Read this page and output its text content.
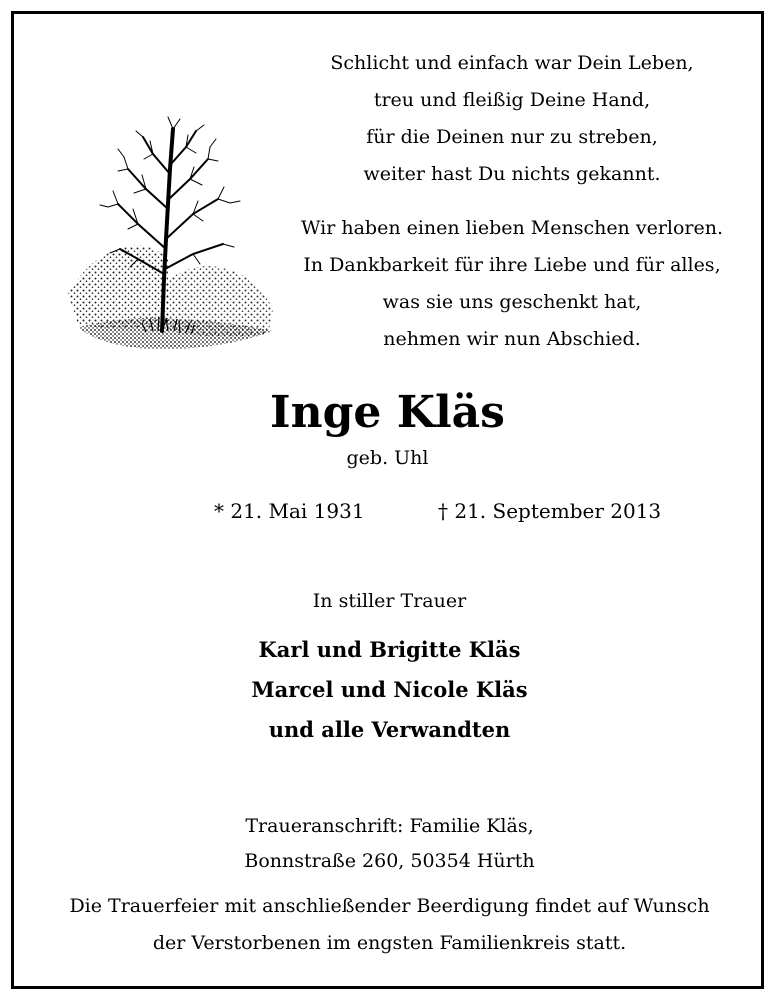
Schlicht und einfach war Dein Leben,
treu und fleißig Deine Hand,
für die Deinen nur zu streben,
weiter hast Du nichts gekannt.
Wir haben einen lieben Menschen verloren.
In Dankbarkeit für ihre Liebe und für alles,
was sie uns geschenkt hat,
nehmen wir nun Abschied.
Inge Kläs
geb. Uhl
* 21. Mai 1931	† 21. September 2013
In stiller Trauer
Karl und Brigitte Kläs
Marcel und Nicole Kläs
und alle Verwandten
Traueranschrift: Familie Kläs,
Bonnstraße 260, 50354 Hürth
Die Trauerfeier mit anschließender Beerdigung findet auf Wunsch
der Verstorbenen im engsten Familienkreis statt.
